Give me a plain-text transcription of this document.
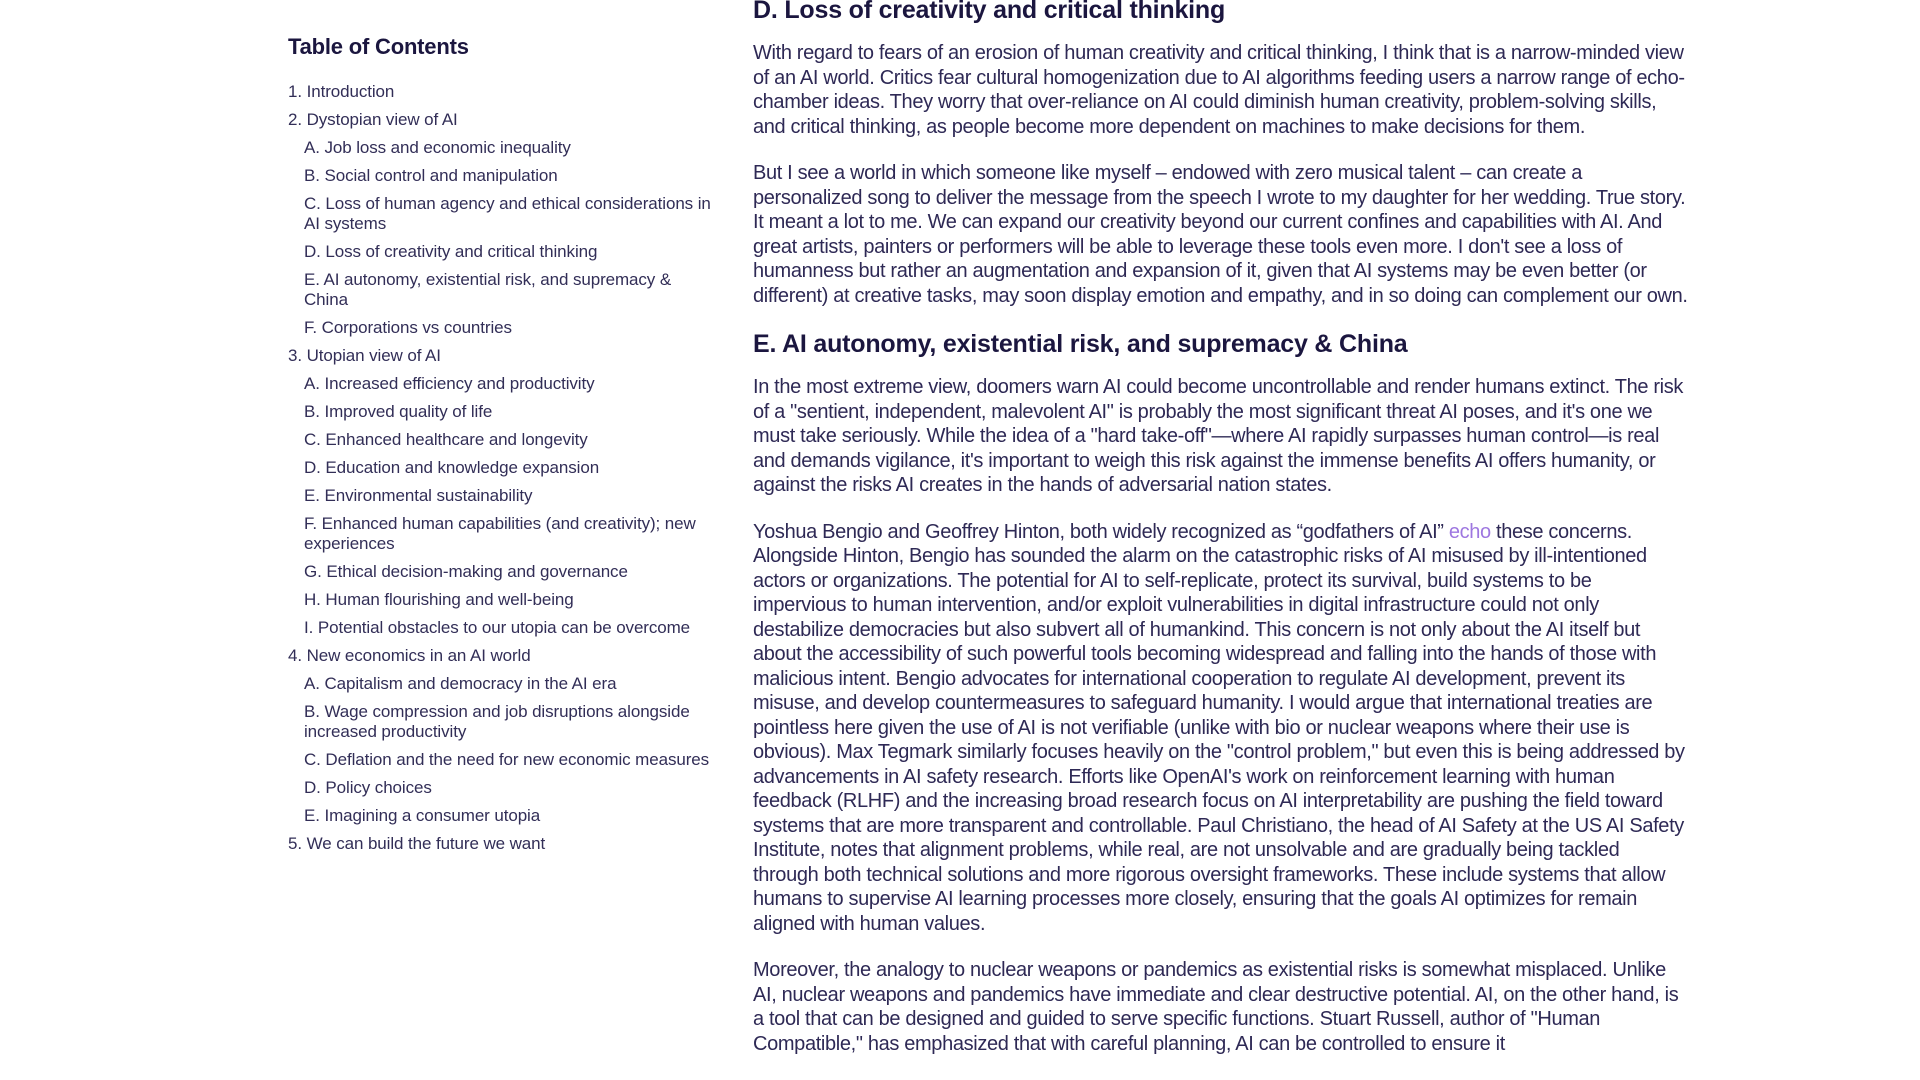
Table of Contents
1. Introduction
2. Dystopian view of AI
A. Job loss and economic inequality
B. Social control and manipulation
C. Loss of human agency and ethical considerations in AI systems
D. Loss of creativity and critical thinking
E. AI autonomy, existential risk, and supremacy & China
F. Corporations vs countries
3. Utopian view of AI
A. Increased efficiency and productivity
B. Improved quality of life
C. Enhanced healthcare and longevity
D. Education and knowledge expansion
E. Environmental sustainability
F. Enhanced human capabilities (and creativity); new experiences
G. Ethical decision-making and governance
H. Human flourishing and well-being
I. Potential obstacles to our utopia can be overcome
4. New economics in an AI world
A. Capitalism and democracy in the AI era
B. Wage compression and job disruptions alongside increased productivity
C. Deflation and the need for new economic measures
D. Policy choices
E. Imagining a consumer utopia
5. We can build the future we want
D. Loss of creativity and critical thinking

With regard to fears of an erosion of human creativity and critical thinking, I think that is a narrow-minded view of an AI world. Critics fear cultural homogenization due to AI algorithms feeding users a narrow range of echo-chamber ideas. They worry that over-reliance on AI could diminish human creativity, problem-solving skills, and critical thinking, as people become more dependent on machines to make decisions for them.

But I see a world in which someone like myself – endowed with zero musical talent – can create a personalized song to deliver the message from the speech I wrote to my daughter for her wedding. True story. It meant a lot to me. We can expand our creativity beyond our current confines and capabilities with AI. And great artists, painters or performers will be able to leverage these tools even more. I don't see a loss of humanness but rather an augmentation and expansion of it, given that AI systems may be even better (or different) at creative tasks, may soon display emotion and empathy, and in so doing can complement our own.

E. AI autonomy, existential risk, and supremacy & China

In the most extreme view, doomers warn AI could become uncontrollable and render humans extinct. The risk of a "sentient, independent, malevolent AI" is probably the most significant threat AI poses, and it's one we must take seriously. While the idea of a "hard take-off"—where AI rapidly surpasses human control—is real and demands vigilance, it's important to weigh this risk against the immense benefits AI offers humanity, or against the risks AI creates in the hands of adversarial nation states.

Yoshua Bengio and Geoffrey Hinton, both widely recognized as “godfathers of AI” echo these concerns. Alongside Hinton, Bengio has sounded the alarm on the catastrophic risks of AI misused by ill-intentioned actors or organizations. The potential for AI to self-replicate, protect its survival, build systems to be impervious to human intervention, and/or exploit vulnerabilities in digital infrastructure could not only destabilize democracies but also subvert all of humankind. This concern is not only about the AI itself but about the accessibility of such powerful tools becoming widespread and falling into the hands of those with malicious intent. Bengio advocates for international cooperation to regulate AI development, prevent its misuse, and develop countermeasures to safeguard humanity. I would argue that international treaties are pointless here given the use of AI is not verifiable (unlike with bio or nuclear weapons where their use is obvious). Max Tegmark similarly focuses heavily on the "control problem," but even this is being addressed by advancements in AI safety research. Efforts like OpenAI's work on reinforcement learning with human feedback (RLHF) and the increasing broad research focus on AI interpretability are pushing the field toward systems that are more transparent and controllable. Paul Christiano, the head of AI Safety at the US AI Safety Institute, notes that alignment problems, while real, are not unsolvable and are gradually being tackled through both technical solutions and more rigorous oversight frameworks. These include systems that allow humans to supervise AI learning processes more closely, ensuring that the goals AI optimizes for remain aligned with human values.

Moreover, the analogy to nuclear weapons or pandemics as existential risks is somewhat misplaced. Unlike AI, nuclear weapons and pandemics have immediate and clear destructive potential. AI, on the other hand, is a tool that can be designed and guided to serve specific functions. Stuart Russell, author of "Human Compatible," has emphasized that with careful planning, AI can be controlled to ensure it
